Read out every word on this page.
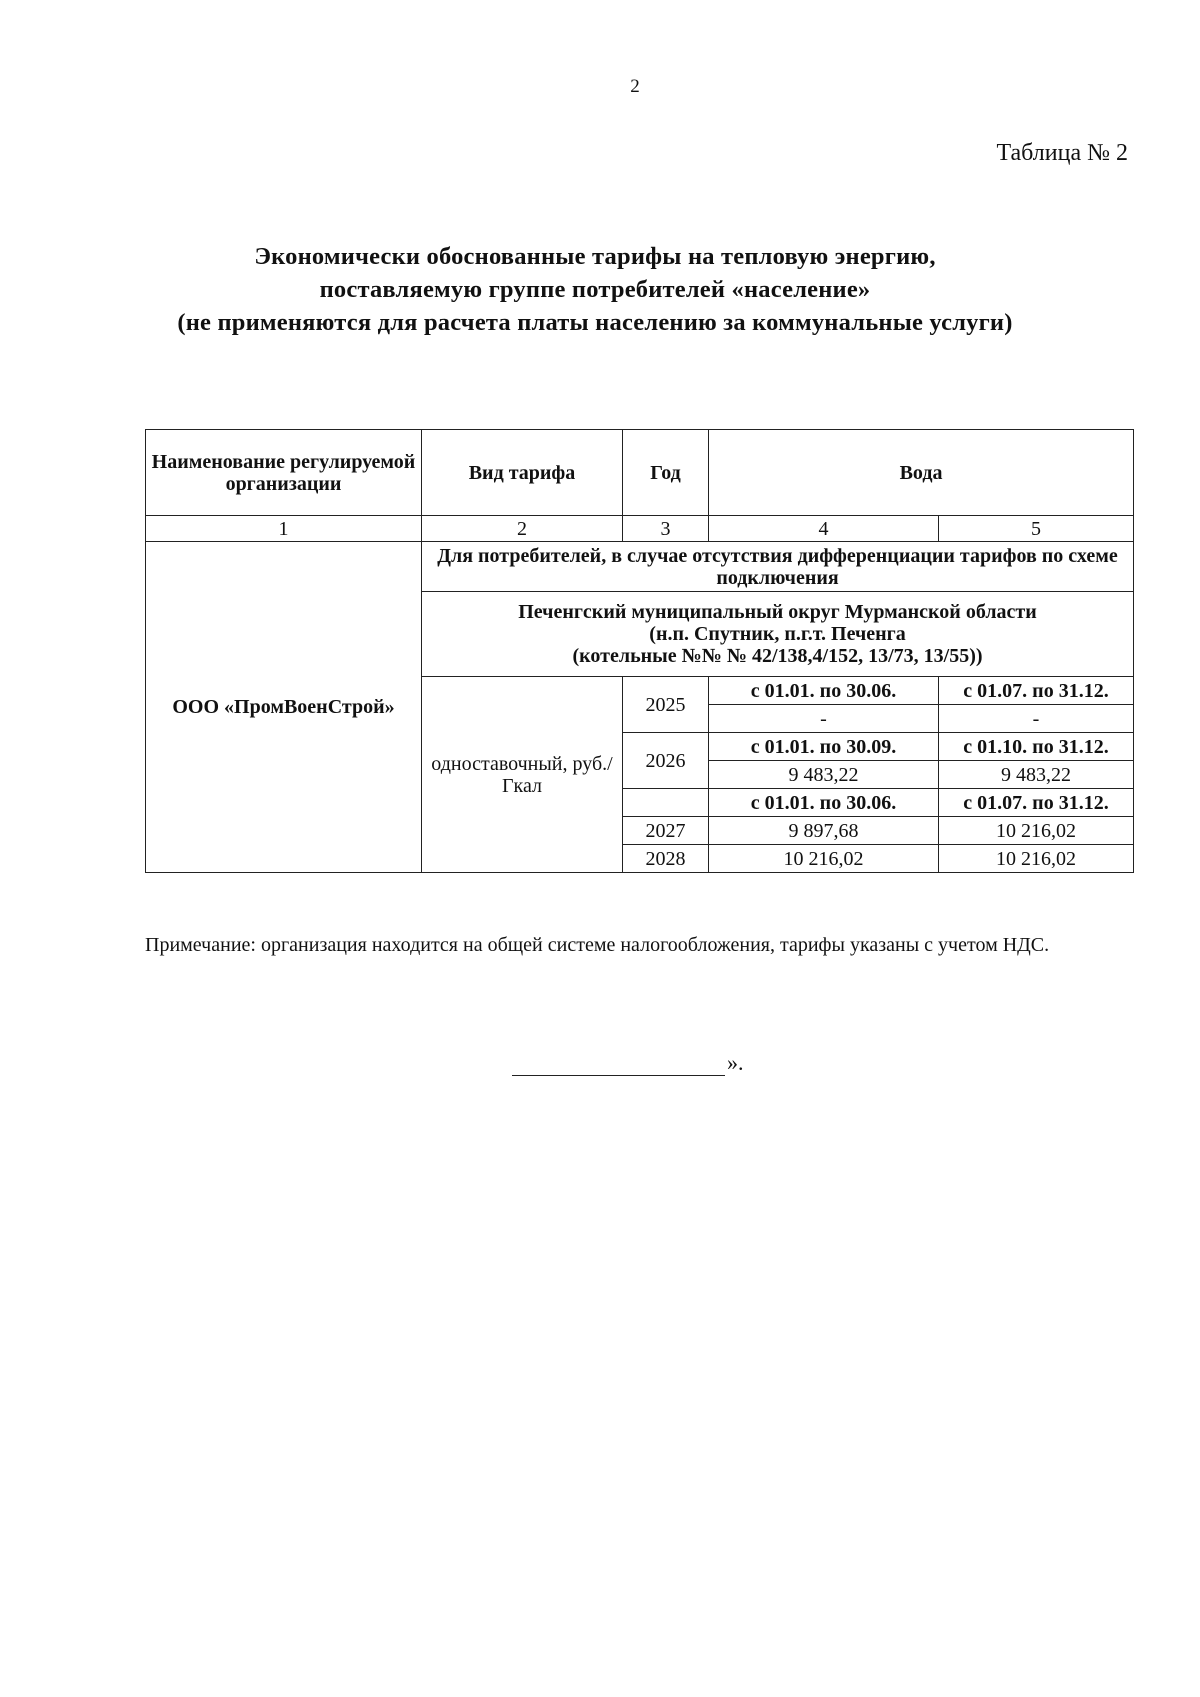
2
Таблица № 2
Экономически обоснованные тарифы на тепловую энергию,
поставляемую группе потребителей «население»
(не применяются для расчета платы населению за коммунальные услуги)
Наименование регулируемой организации	Вид тарифа	Год	Вода	
1	2	3	4	5
ООО «ПромВоенСтрой»	Для потребителей, в случае отсутствия дифференциации тарифов по схеме подключения			

	Печенгский муниципальный округ Мурманской области
(н.п. Спутник, п.г.т. Печенга
(котельные №№ № 42/138,4/152, 13/73, 13/55))			

	одноставочный, руб./Гкал	2025	с 01.01. по 30.06.	с 01.07. по 31.12.
			-	-
		2026	с 01.01. по 30.09.	с 01.10. по 31.12.
			9 483,22	9 483,22
			с 01.01. по 30.06.	с 01.07. по 31.12.
		2027	9 897,68	10 216,02
		2028	10 216,02	10 216,02
Примечание: организация находится на общей системе налогообложения, тарифы указаны с учетом НДС.
».
